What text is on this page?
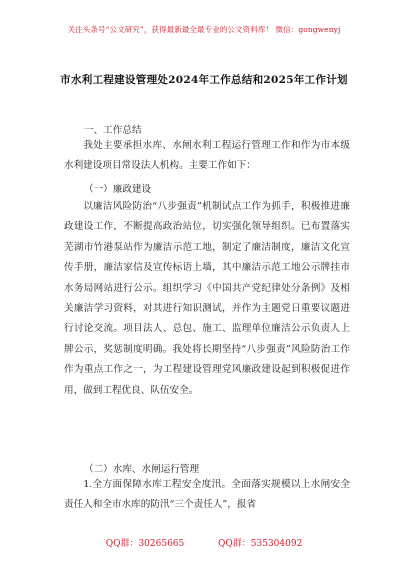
关注头条号“公文研究”，获得最新最全最专业的公文资料库！ 微信：gongwenyj
市水利工程建设管理处2024年工作总结和2025年工作计划
一、工作总结
我处主要承担水库、水闸水利工程运行管理工作和作为市本级水利建设项目常设法人机构。主要工作如下：
（一）廉政建设
以廉洁风险防治“八步强责”机制试点工作为抓手，积极推进廉政建设工作，不断提高政治站位，切实强化领导组织。已布置落实芜湖市竹港泵站作为廉洁示范工地，制定了廉洁制度，廉洁文化宣传手册，廉洁家信及宣传标语上墙，其中廉洁示范工地公示牌挂市水务局网站进行公示。组织学习《中国共产党纪律处分条例》及相关廉洁学习资料，对其进行知识测试，并作为主题党日重要议题进行讨论交流。项目法人、总包、施工、监理单位廉洁公示负责人上牌公示，奖惩制度明确。我处将长期坚持“八步强责”风险防治工作作为重点工作之一，为工程建设管理党风廉政建设起到积极促进作用，做到工程优良、队伍安全。
（二）水库、水闸运行管理
1.全方面保障水库工程安全度汛。全面落实规模以上水闸安全责任人和全市水库的防汛“三个责任人”，报省
QQ群：30265665	QQ群：535304092
